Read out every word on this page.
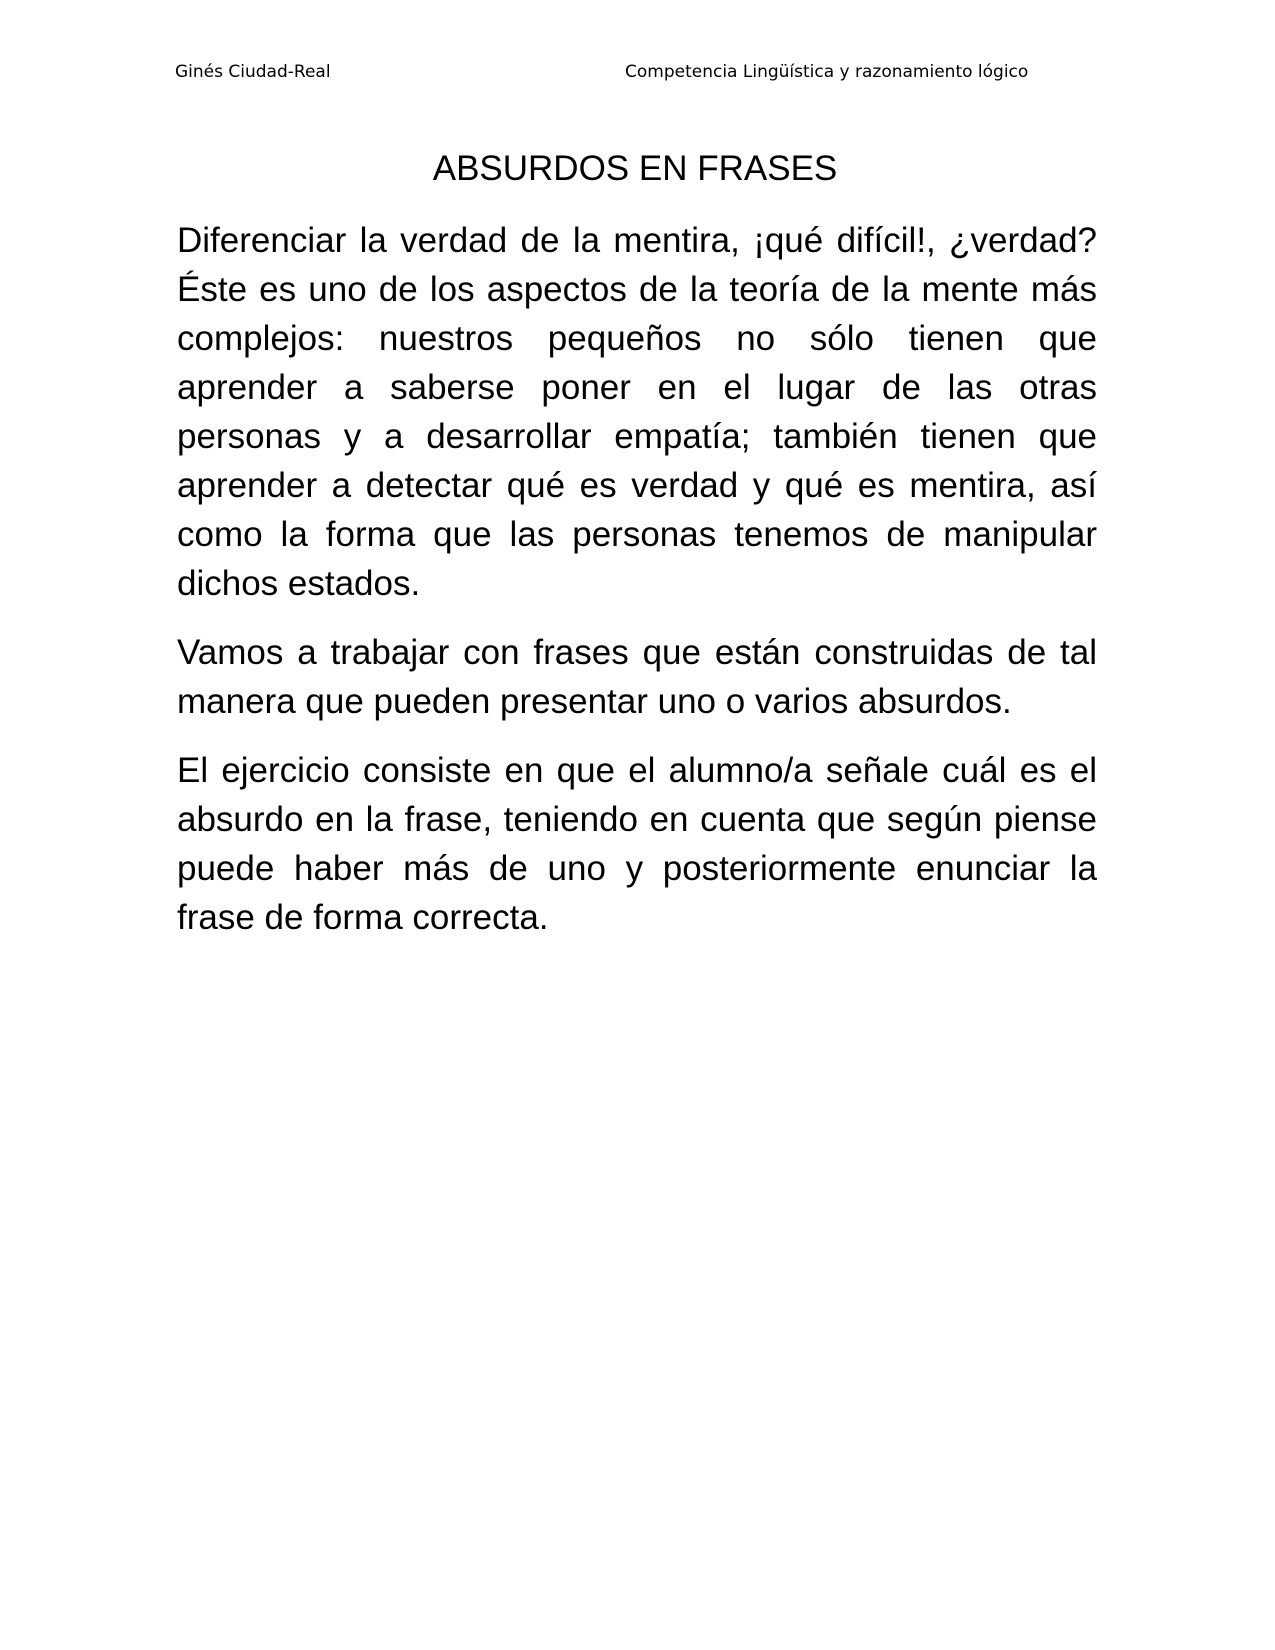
Ginés Ciudad-Real	Competencia Lingüística y razonamiento lógico
ABSURDOS EN FRASES

Diferenciar la verdad de la mentira, ¡qué difícil!, ¿verdad? Éste es uno de los aspectos de la teoría de la mente más complejos: nuestros pequeños no sólo tienen que aprender a saberse poner en el lugar de las otras personas y a desarrollar empatía; también tienen que aprender a detectar qué es verdad y qué es mentira, así como la forma que las personas tenemos de manipular dichos estados.

Vamos a trabajar con frases que están construidas de tal manera que pueden presentar uno o varios absurdos.

El ejercicio consiste en que el alumno/a señale cuál es el absurdo en la frase, teniendo en cuenta que según piense puede haber más de uno y posteriormente enunciar la frase de forma correcta.
